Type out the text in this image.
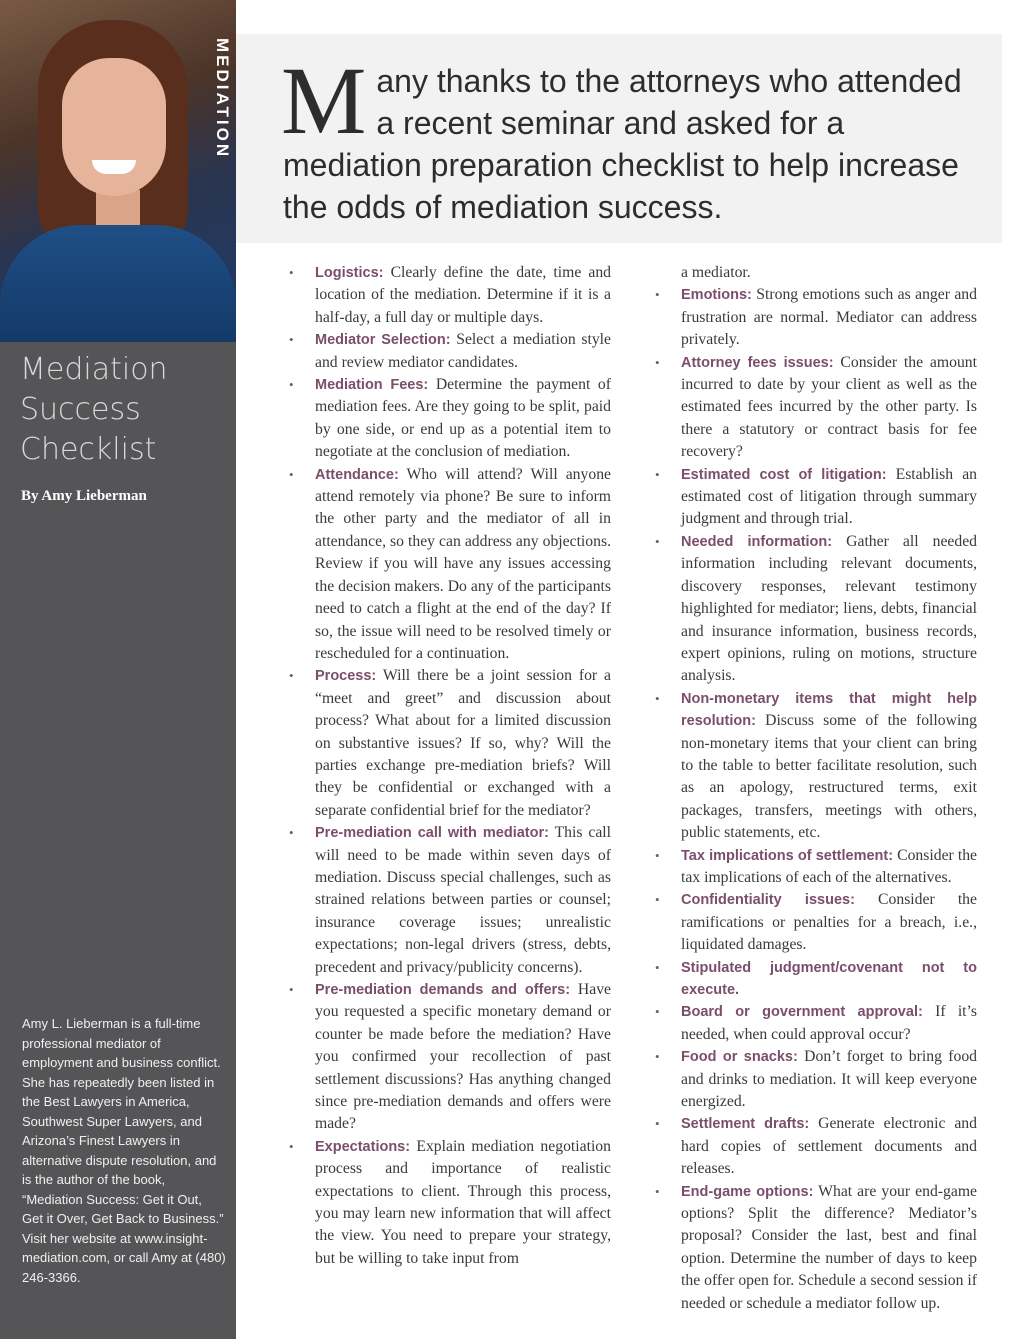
MEDIATION
Mediation
Success
Checklist
By Amy Lieberman
Amy L. Lieberman is a full-time professional mediator of employment and business conflict. She has repeatedly been listed in the Best Lawyers in America, Southwest Super Lawyers, and Arizona’s Finest Lawyers in alternative dispute resolution, and is the author of the book, “Mediation Success: Get it Out, Get it Over, Get Back to Business.” Visit her website at www.insight-mediation.com, or call Amy at (480) 246-3366.
Many thanks to the attorneys who attended a recent seminar and asked for a mediation preparation checklist to help increase the odds of mediation success.
• Logistics: Clearly define the date, time and location of the mediation. Determine if it is a half-day, a full day or multiple days.
• Mediator Selection: Select a mediation style and review mediator candidates.
• Mediation Fees: Determine the payment of mediation fees. Are they going to be split, paid by one side, or end up as a potential item to negotiate at the conclusion of mediation.
• Attendance: Who will attend? Will anyone attend remotely via phone? Be sure to inform the other party and the mediator of all in attendance, so they can address any objections. Review if you will have any issues accessing the decision makers. Do any of the participants need to catch a flight at the end of the day? If so, the issue will need to be resolved timely or rescheduled for a continuation.
• Process: Will there be a joint session for a “meet and greet” and discussion about process? What about for a limited discussion on substantive issues? If so, why? Will the parties exchange pre-mediation briefs? Will they be confidential or exchanged with a separate confidential brief for the mediator?
• Pre-mediation call with mediator: This call will need to be made within seven days of mediation. Discuss special challenges, such as strained relations between parties or counsel; insurance coverage issues; unrealistic expectations; non-legal drivers (stress, debts, precedent and privacy/publicity concerns).
• Pre-mediation demands and offers: Have you requested a specific monetary demand or counter be made before the mediation? Have you confirmed your recollection of past settlement discussions? Has anything changed since pre-mediation demands and offers were made?
• Expectations: Explain mediation negotiation process and importance of realistic expectations to client. Through this process, you may learn new information that will affect the view. You need to prepare your strategy, but be willing to take input from
a mediator.
• Emotions: Strong emotions such as anger and frustration are normal. Mediator can address privately.
• Attorney fees issues: Consider the amount incurred to date by your client as well as the estimated fees incurred by the other party. Is there a statutory or contract basis for fee recovery?
• Estimated cost of litigation: Establish an estimated cost of litigation through summary judgment and through trial.
• Needed information: Gather all needed information including relevant documents, discovery responses, relevant testimony highlighted for mediator; liens, debts, financial and insurance information, business records, expert opinions, ruling on motions, structure analysis.
• Non-monetary items that might help resolution: Discuss some of the following non-monetary items that your client can bring to the table to better facilitate resolution, such as an apology, restructured terms, exit packages, transfers, meetings with others, public statements, etc.
• Tax implications of settlement: Consider the tax implications of each of the alternatives.
• Confidentiality issues: Consider the ramifications or penalties for a breach, i.e., liquidated damages.
• Stipulated judgment/covenant not to execute.
• Board or government approval: If it’s needed, when could approval occur?
• Food or snacks: Don’t forget to bring food and drinks to mediation. It will keep everyone energized.
• Settlement drafts: Generate electronic and hard copies of settlement documents and releases.
• End-game options: What are your end-game options? Split the difference? Mediator’s proposal? Consider the last, best and final option. Determine the number of days to keep the offer open for. Schedule a second session if needed or schedule a mediator follow up.
